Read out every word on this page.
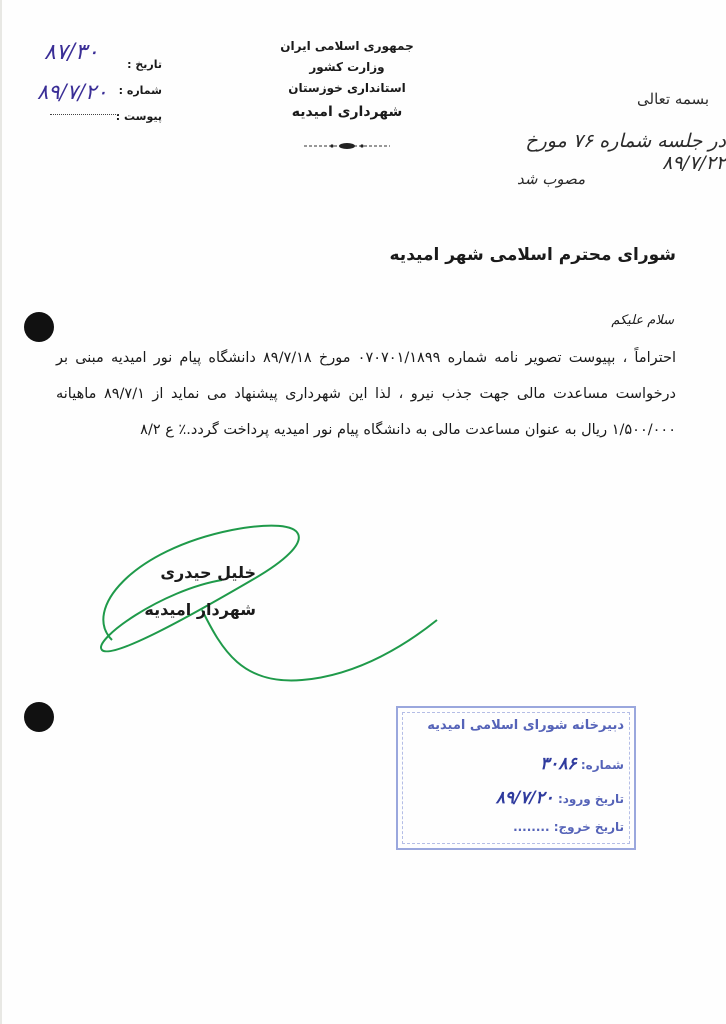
جمهوری اسلامی ایران
وزارت کشور
استانداری خوزستان
شهرداری امیدیه
تاریخ :
شماره :
پیوست :
۸۷/۳۰
۸۹/۷/۲۰	بسمه تعالی
در جلسه شماره ۷۶ مورخ ۸۹/۷/۲۲
مصوب شد
شورای محترم اسلامی شهر امیدیه
سلام علیکم
احتراماً ، بپیوست تصویر نامه شماره ۰۷۰۷۰۱/۱۸۹۹ مورخ ۸۹/۷/۱۸ دانشگاه پیام نور امیدیه مبنی بر درخواست مساعدت مالی جهت جذب نیرو ، لذا این شهرداری پیشنهاد می نماید از ۸۹/۷/۱ ماهیانه ۱/۵۰۰/۰۰۰ ریال به عنوان مساعدت مالی به دانشگاه پیام نور امیدیه پرداخت گردد.٪ ع ۸/۲
خلیل حیدری
شهردار امیدیه
دبیرخانه شورای اسلامی امیدیه
شماره: ۳۰۸۶
تاریخ ورود: ۸۹/۷/۲۰
تاریخ خروج: ........
